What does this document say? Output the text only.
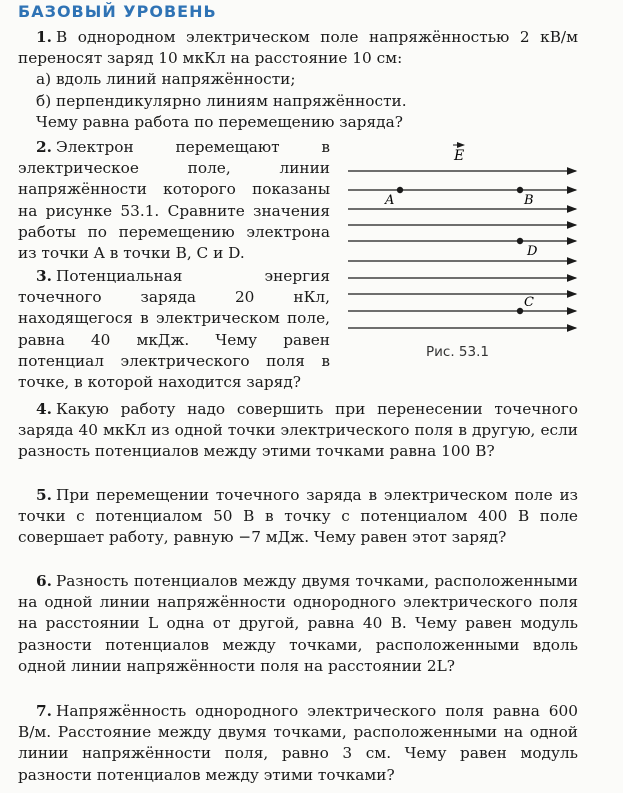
БАЗОВЫЙ УРОВЕНЬ

1. В однородном электрическом поле напряжённостью 2 кВ/м переносят заряд 10 мкКл на расстояние 10 см:
а) вдоль линий напряжённости;
б) перпендикулярно линиям напряжённости.
Чему равна работа по перемещению заряда?

2. Электрон перемещают в электрическое поле, линии напряжённости которого показаны на рисунке 53.1. Сравните значения работы по перемещению электрона из точки A в точки B, C и D.

3. Потенциальная энергия точечного заряда 20 нКл, находящегося в электрическом поле, равна 40 мкДж. Чему равен потенциал электрического поля в точке, в которой находится заряд?

E
A	B
D
C
Рис. 53.1

4. Какую работу надо совершить при перенесении точечного заряда 40 мкКл из одной точки электрического поля в другую, если разность потенциалов между этими точками равна 100 В?

5. При перемещении точечного заряда в электрическом поле из точки с потенциалом 50 В в точку с потенциалом 400 В поле совершает работу, равную −7 мДж. Чему равен этот заряд?

6. Разность потенциалов между двумя точками, расположенными на одной линии напряжённости однородного электрического поля на расстоянии L одна от другой, равна 40 В. Чему равен модуль разности потенциалов между точками, расположенными вдоль одной линии напряжённости поля на расстоянии 2L?

7. Напряжённость однородного электрического поля равна 600 В/м. Расстояние между двумя точками, расположенными на одной линии напряжённости поля, равно 3 см. Чему равен модуль разности потенциалов между этими точками?
